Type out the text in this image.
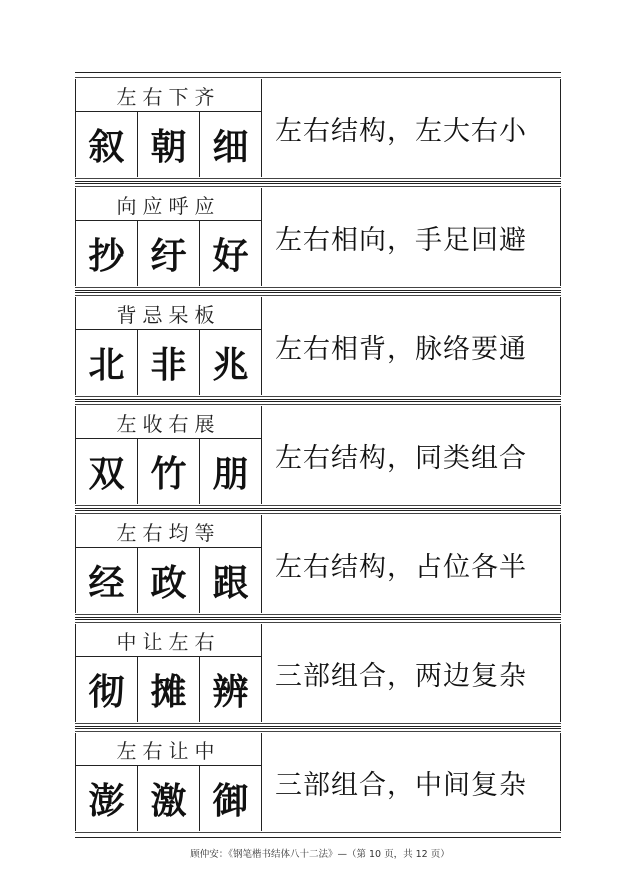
左右下齐
叙 朝 细 左右结构，左大右小
向应呼应
抄 纡 好 左右相向，手足回避
背忌呆板
北 非 兆 左右相背，脉络要通
左收右展
双 竹 朋 左右结构，同类组合
左右均等
经 政 跟 左右结构，占位各半
中让左右
彻 摊 辨 三部组合，两边复杂
左右让中
澎 激 御 三部组合，中间复杂
顾仲安：《钢笔楷书结体八十二法》—（第 10 页，共 12 页）
